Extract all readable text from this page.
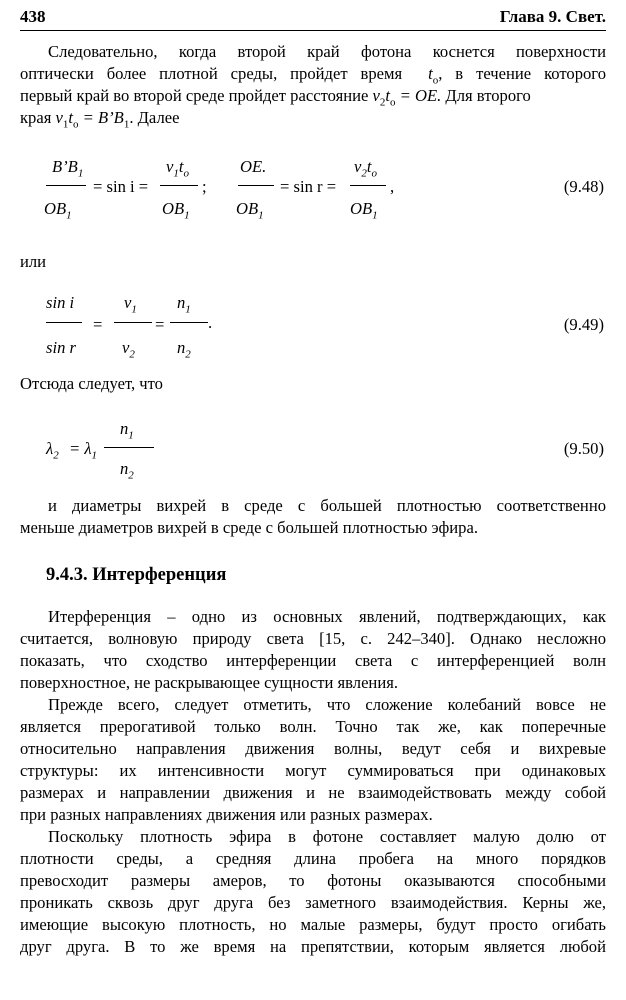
438	Глава 9. Свет.
Следовательно, когда второй край фотона коснется поверхности
оптически более плотной среды, пройдет время $t_o$, в течение которого
первый край во второй среде пройдет расстояние $v_2t_o$ = OE. Для второго
края $v_1t_o$ = $B’B_1$. Далее
$B’B_1$
$OB_1$
= sin i =
$v_1t_o$
$OB_1$
;
OE.
$OB_1$
= sin r =
$v_2t_o$
$OB_1$
,	(9.48)
или
sin i
sin r
=
$v_1$
$v_2$
=
$n_1$
.
$n_2$
(9.49)
Отсюда следует, что
$\lambda_2 = \lambda_1$
$n_1$
$n_2$
(9.50)
и диаметры вихрей в среде с большей плотностью соответственно
меньше диаметров вихрей в среде с большей плотностью эфира.
9.4.3. Интерференция
Итерференция – одно из основных явлений, подтверждающих, как
считается, волновую природу света [15, с. 242–340]. Однако несложно
показать, что сходство интерференции света с интерференцией волн
поверхностное, не раскрывающее сущности явления.
Прежде всего, следует отметить, что сложение колебаний вовсе не
является прерогативой только волн. Точно так же, как поперечные
относительно направления движения волны, ведут себя и вихревые
структуры: их интенсивности могут суммироваться при одинаковых
размерах и направлении движения и не взаимодействовать между собой
при разных направлениях движения или разных размерах.
Поскольку плотность эфира в фотоне составляет малую долю от
плотности среды, а средняя длина пробега на много порядков
превосходит размеры амеров, то фотоны оказываются способными
проникать сквозь друг друга без заметного взаимодействия. Керны же,
имеющие высокую плотность, но малые размеры, будут просто огибать
друг друга. В то же время на препятствии, которым является любой
